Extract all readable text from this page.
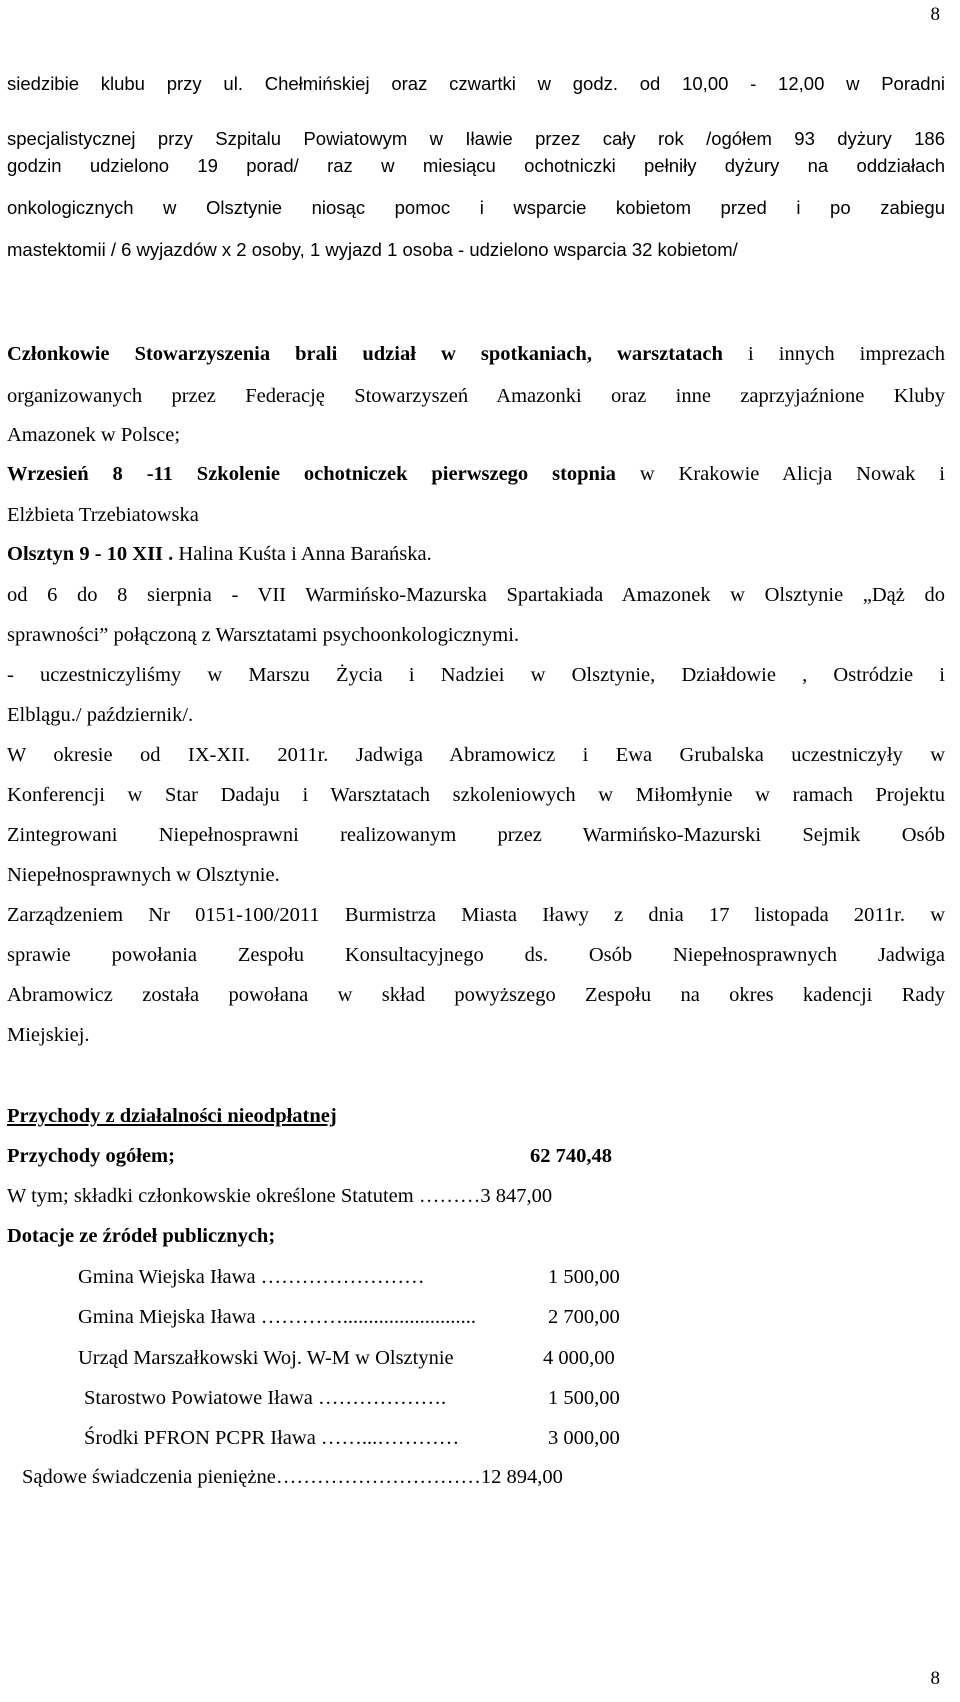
8
siedzibie klubu przy ul. Chełmińskiej oraz czwartki w godz. od 10,00 - 12,00 w Poradni
specjalistycznej przy Szpitalu Powiatowym w Iławie przez cały rok /ogółem 93 dyżury 186
godzin udzielono 19 porad/ raz w miesiącu ochotniczki pełniły dyżury na oddziałach
onkologicznych w Olsztynie niosąc pomoc i wsparcie kobietom przed i po zabiegu
mastektomii / 6 wyjazdów x 2 osoby, 1 wyjazd 1 osoba - udzielono wsparcia 32 kobietom/
Członkowie Stowarzyszenia brali udział w spotkaniach, warsztatach i innych imprezach
organizowanych przez Federację Stowarzyszeń Amazonki oraz inne zaprzyjaźnione Kluby
Amazonek w Polsce;
Wrzesień 8 -11 Szkolenie ochotniczek pierwszego stopnia w Krakowie Alicja Nowak i
Elżbieta Trzebiatowska
Olsztyn 9 - 10 XII . Halina Kuśta i Anna Barańska.
od 6 do 8 sierpnia - VII Warmińsko-Mazurska Spartakiada Amazonek w Olsztynie „Dąż do
sprawności” połączoną z Warsztatami psychoonkologicznymi.
- uczestniczyliśmy w Marszu Życia i Nadziei w Olsztynie, Działdowie , Ostródzie i
Elblągu./ październik/.
W okresie od IX-XII. 2011r. Jadwiga Abramowicz i Ewa Grubalska uczestniczyły w
Konferencji w Star Dadaju i Warsztatach szkoleniowych w Miłomłynie w ramach Projektu
Zintegrowani Niepełnosprawni realizowanym przez Warmińsko-Mazurski Sejmik Osób
Niepełnosprawnych w Olsztynie.
Zarządzeniem Nr 0151-100/2011 Burmistrza Miasta Iławy z dnia 17 listopada 2011r. w
sprawie powołania Zespołu Konsultacyjnego ds. Osób Niepełnosprawnych Jadwiga
Abramowicz została powołana w skład powyższego Zespołu na okres kadencji Rady
Miejskiej.
Przychody z działalności nieodpłatnej
Przychody ogółem;	62 740,48
W tym; składki członkowskie określone Statutem ………3 847,00
Dotacje ze źródeł publicznych;
Gmina Wiejska Iława ……………………	1 500,00
Gmina Miejska Iława …………..........................	2 700,00
Urząd Marszałkowski Woj. W-M w Olsztynie	4 000,00
Starostwo Powiatowe Iława ……………….	1 500,00
Środki PFRON PCPR Iława ……...…………	3 000,00
Sądowe świadczenia pieniężne…………………………12 894,00
8
